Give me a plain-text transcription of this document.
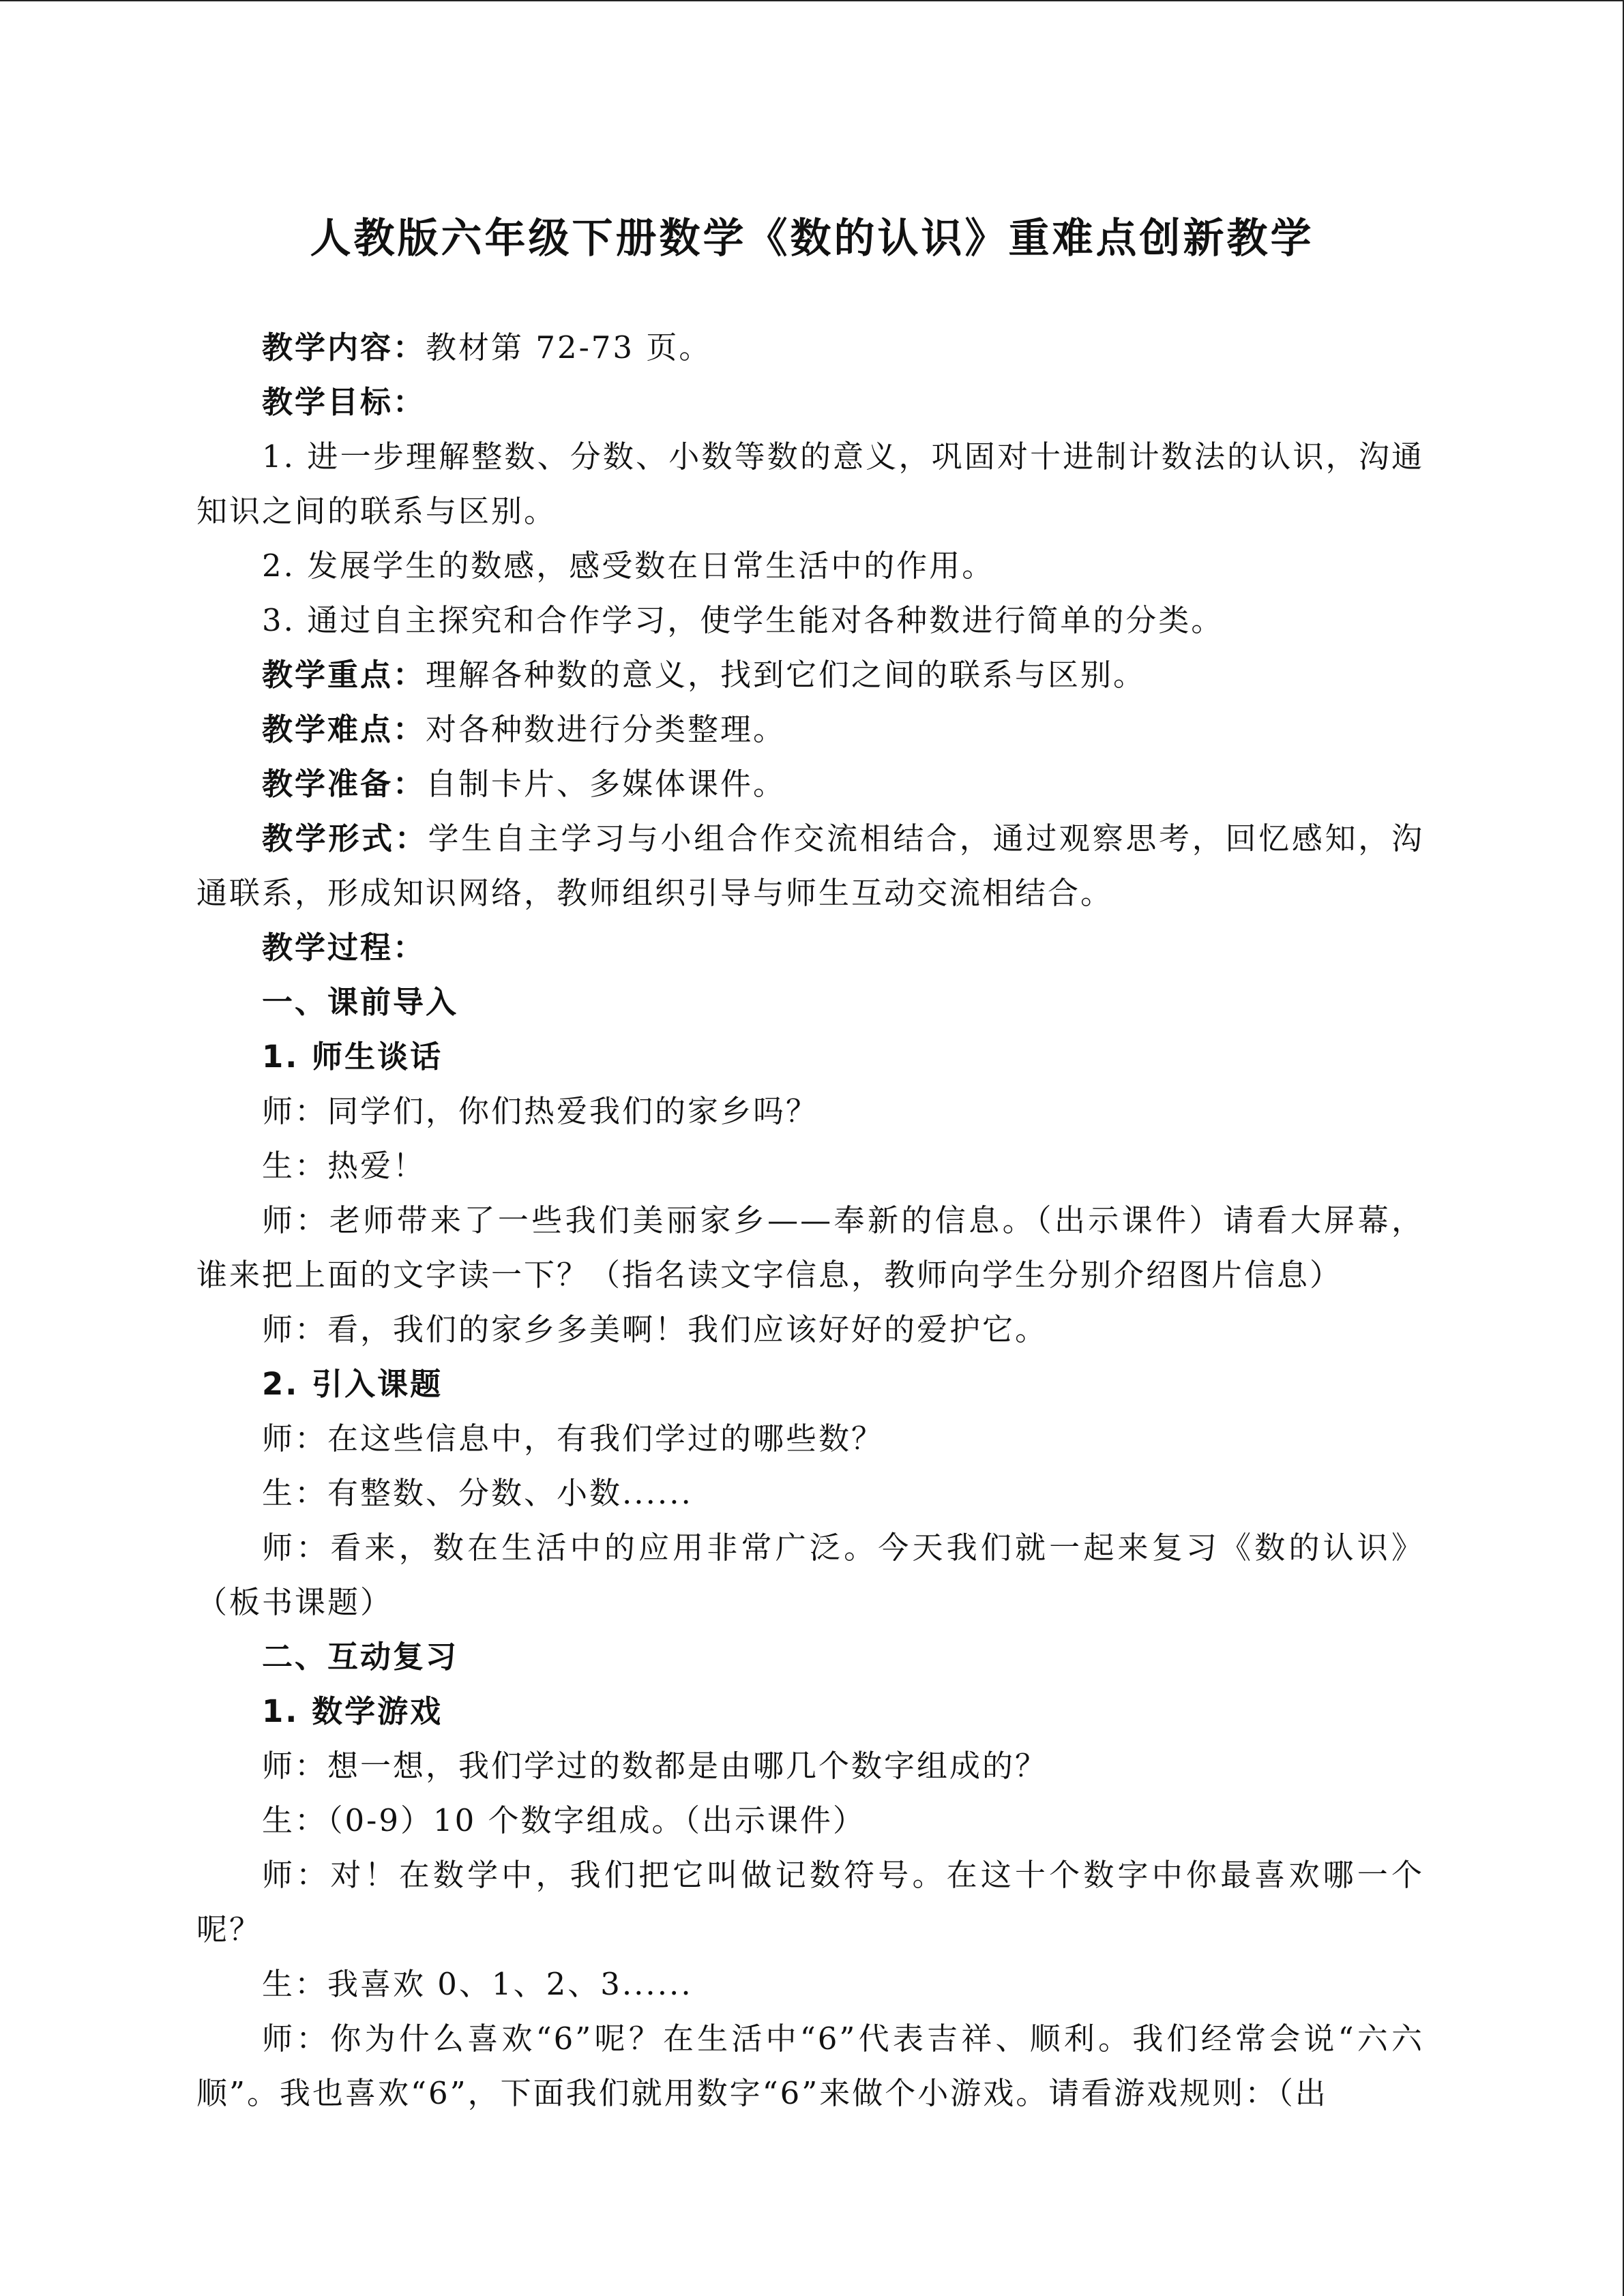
人教版六年级下册数学《数的认识》重难点创新教学

教学内容：教材第 72-73 页。

教学目标：

1. 进一步理解整数、分数、小数等数的意义，巩固对十进制计数法的认识，沟通知识之间的联系与区别。

2. 发展学生的数感，感受数在日常生活中的作用。

3. 通过自主探究和合作学习，使学生能对各种数进行简单的分类。

教学重点：理解各种数的意义，找到它们之间的联系与区别。

教学难点：对各种数进行分类整理。

教学准备：自制卡片、多媒体课件。

教学形式：学生自主学习与小组合作交流相结合，通过观察思考，回忆感知，沟通联系，形成知识网络，教师组织引导与师生互动交流相结合。

教学过程：

一、课前导入

1. 师生谈话

师：同学们，你们热爱我们的家乡吗？

生：热爱！

师：老师带来了一些我们美丽家乡——奉新的信息。（出示课件）请看大屏幕，谁来把上面的文字读一下？（指名读文字信息，教师向学生分别介绍图片信息）

师：看，我们的家乡多美啊！我们应该好好的爱护它。

2. 引入课题

师：在这些信息中，有我们学过的哪些数？

生：有整数、分数、小数......

师：看来，数在生活中的应用非常广泛。今天我们就一起来复习《数的认识》（板书课题）

二、互动复习

1. 数学游戏

师：想一想，我们学过的数都是由哪几个数字组成的？

生：（0-9）10 个数字组成。（出示课件）

师：对！在数学中，我们把它叫做记数符号。在这十个数字中你最喜欢哪一个呢？

生：我喜欢 0、1、2、3......

师：你为什么喜欢“6”呢？在生活中“6”代表吉祥、顺利。我们经常会说“六六顺”。我也喜欢“6”，下面我们就用数字“6”来做个小游戏。请看游戏规则：（出
